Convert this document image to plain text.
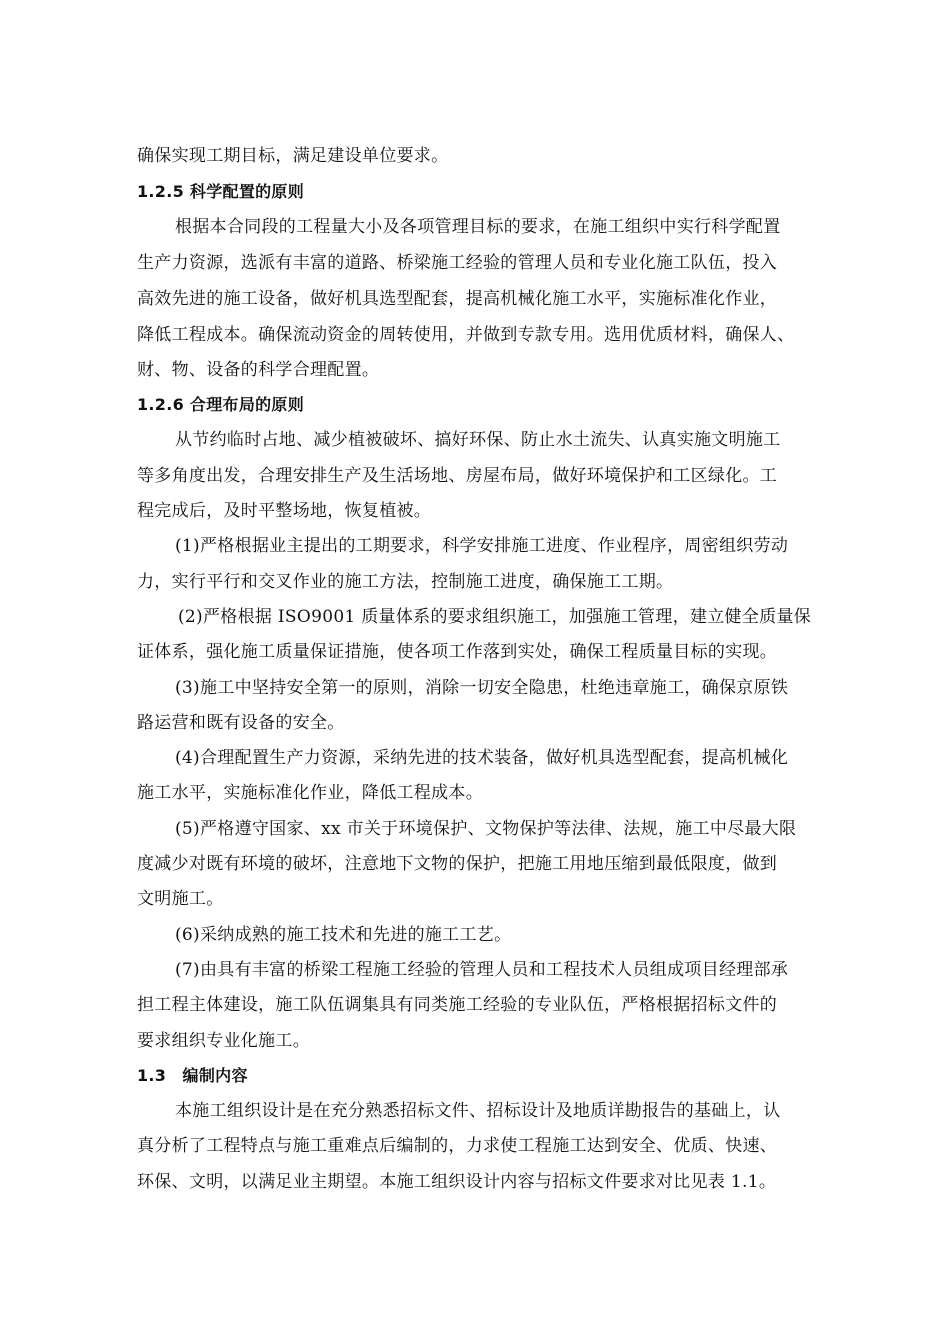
确保实现工期目标，满足建设单位要求。
1.2.5 科学配置的原则
根据本合同段的工程量大小及各项管理目标的要求，在施工组织中实行科学配置
生产力资源，选派有丰富的道路、桥梁施工经验的管理人员和专业化施工队伍，投入
高效先进的施工设备，做好机具选型配套，提高机械化施工水平，实施标准化作业，
降低工程成本。确保流动资金的周转使用，并做到专款专用。选用优质材料，确保人、
财、物、设备的科学合理配置。
1.2.6 合理布局的原则
从节约临时占地、减少植被破坏、搞好环保、防止水土流失、认真实施文明施工
等多角度出发，合理安排生产及生活场地、房屋布局，做好环境保护和工区绿化。工
程完成后，及时平整场地，恢复植被。
(1)严格根据业主提出的工期要求，科学安排施工进度、作业程序，周密组织劳动
力，实行平行和交叉作业的施工方法，控制施工进度，确保施工工期。
(2)严格根据 ISO9001 质量体系的要求组织施工，加强施工管理，建立健全质量保
证体系，强化施工质量保证措施，使各项工作落到实处，确保工程质量目标的实现。
(3)施工中坚持安全第一的原则，消除一切安全隐患，杜绝违章施工，确保京原铁
路运营和既有设备的安全。
(4)合理配置生产力资源，采纳先进的技术装备，做好机具选型配套，提高机械化
施工水平，实施标准化作业，降低工程成本。
(5)严格遵守国家、xx 市关于环境保护、文物保护等法律、法规，施工中尽最大限
度减少对既有环境的破坏，注意地下文物的保护，把施工用地压缩到最低限度，做到
文明施工。
(6)采纳成熟的施工技术和先进的施工工艺。
(7)由具有丰富的桥梁工程施工经验的管理人员和工程技术人员组成项目经理部承
担工程主体建设，施工队伍调集具有同类施工经验的专业队伍，严格根据招标文件的
要求组织专业化施工。
1.3　编制内容
本施工组织设计是在充分熟悉招标文件、招标设计及地质详勘报告的基础上，认
真分析了工程特点与施工重难点后编制的，力求使工程施工达到安全、优质、快速、
环保、文明，以满足业主期望。本施工组织设计内容与招标文件要求对比见表 1.1。
